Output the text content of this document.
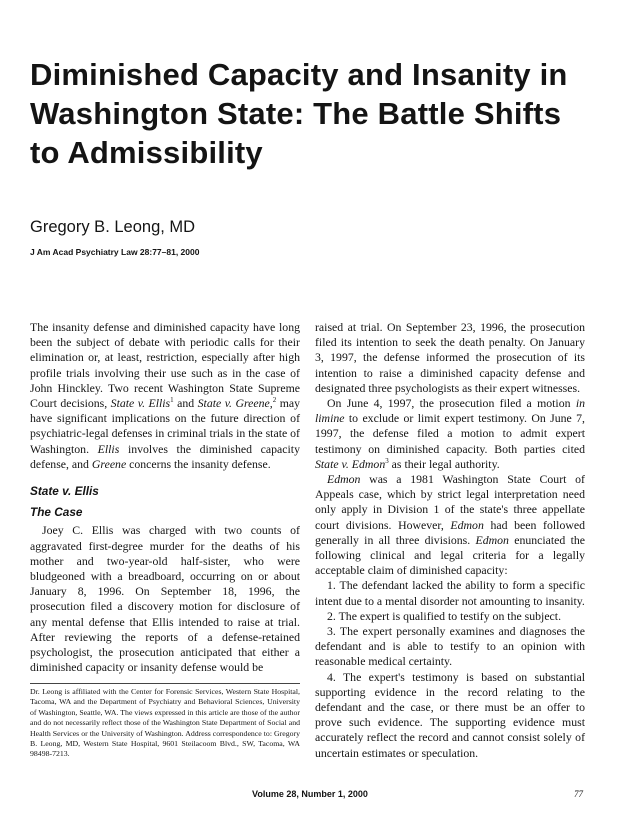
Diminished Capacity and Insanity in Washington State: The Battle Shifts to Admissibility
Gregory B. Leong, MD
J Am Acad Psychiatry Law 28:77–81, 2000

The insanity defense and diminished capacity have long been the subject of debate with periodic calls for their elimination or, at least, restriction, especially after high profile trials involving their use such as in the case of John Hinckley. Two recent Washington State Supreme Court decisions, State v. Ellis$^1$ and State v. Greene,$^2$ may have significant implications on the future direction of psychiatric-legal defenses in criminal trials in the state of Washington. Ellis involves the diminished capacity defense, and Greene concerns the insanity defense.

State v. Ellis
The Case

Joey C. Ellis was charged with two counts of aggravated first-degree murder for the deaths of his mother and two-year-old half-sister, who were bludgeoned with a breadboard, occurring on or about January 8, 1996. On September 18, 1996, the prosecution filed a discovery motion for disclosure of any mental defense that Ellis intended to raise at trial. After reviewing the reports of a defense-retained psychologist, the prosecution anticipated that either a diminished capacity or insanity defense would be

raised at trial. On September 23, 1996, the prosecution filed its intention to seek the death penalty. On January 3, 1997, the defense informed the prosecution of its intention to raise a diminished capacity defense and designated three psychologists as their expert witnesses.

On June 4, 1997, the prosecution filed a motion in limine to exclude or limit expert testimony. On June 7, 1997, the defense filed a motion to admit expert testimony on diminished capacity. Both parties cited State v. Edmon$^3$ as their legal authority.

Edmon was a 1981 Washington State Court of Appeals case, which by strict legal interpretation need only apply in Division 1 of the state's three appellate court divisions. However, Edmon had been followed generally in all three divisions. Edmon enunciated the following clinical and legal criteria for a legally acceptable claim of diminished capacity:

1. The defendant lacked the ability to form a specific intent due to a mental disorder not amounting to insanity.

2. The expert is qualified to testify on the subject.

3. The expert personally examines and diagnoses the defendant and is able to testify to an opinion with reasonable medical certainty.

4. The expert's testimony is based on substantial supporting evidence in the record relating to the defendant and the case, or there must be an offer to prove such evidence. The supporting evidence must accurately reflect the record and cannot consist solely of uncertain estimates or speculation.

Dr. Leong is affiliated with the Center for Forensic Services, Western State Hospital, Tacoma, WA and the Department of Psychiatry and Behavioral Sciences, University of Washington, Seattle, WA. The views expressed in this article are those of the author and do not necessarily reflect those of the Washington State Department of Social and Health Services or the University of Washington. Address correspondence to: Gregory B. Leong, MD, Western State Hospital, 9601 Steilacoom Blvd., SW, Tacoma, WA 98498-7213.
Volume 28, Number 1, 2000	77
